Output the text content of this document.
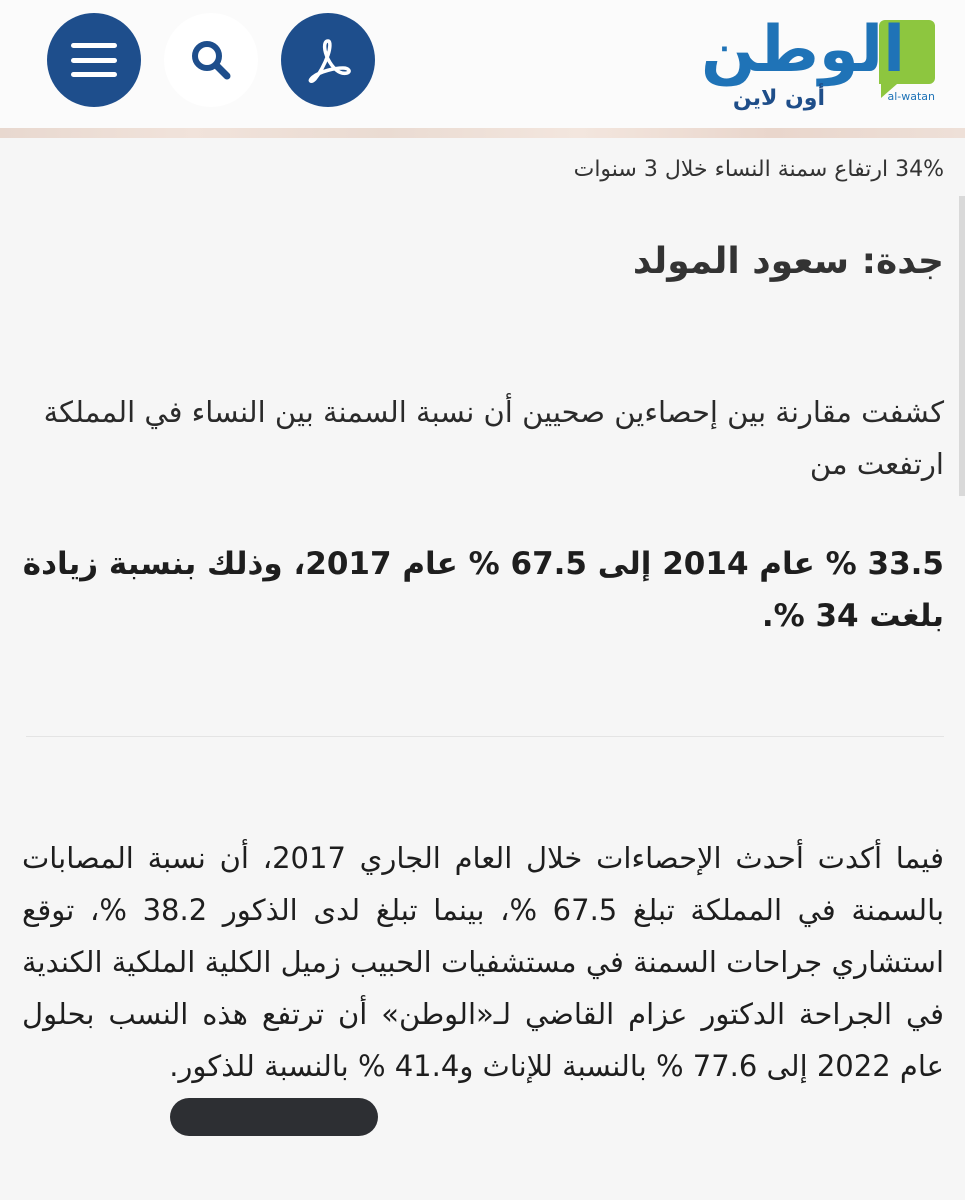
الوطن
أون لاين	al-watan
34% ارتفاع سمنة النساء خلال 3 سنوات
جدة: سعود المولد
كشفت مقارنة بين إحصاءين صحيين أن نسبة السمنة بين النساء في المملكة ارتفعت من
33.5 % عام 2014 إلى 67.5 % عام 2017، وذلك بنسبة زيادة بلغت 34 %.
فيما أكدت أحدث الإحصاءات خلال العام الجاري 2017، أن نسبة المصابات بالسمنة في المملكة تبلغ 67.5 %، بينما تبلغ لدى الذكور 38.2 %، توقع استشاري جراحات السمنة في مستشفيات الحبيب زميل الكلية الملكية الكندية في الجراحة الدكتور عزام القاضي لـ«الوطن» أن ترتفع هذه النسب بحلول عام 2022 إلى 77.6 % بالنسبة للإناث و41.4 % بالنسبة للذكور.
